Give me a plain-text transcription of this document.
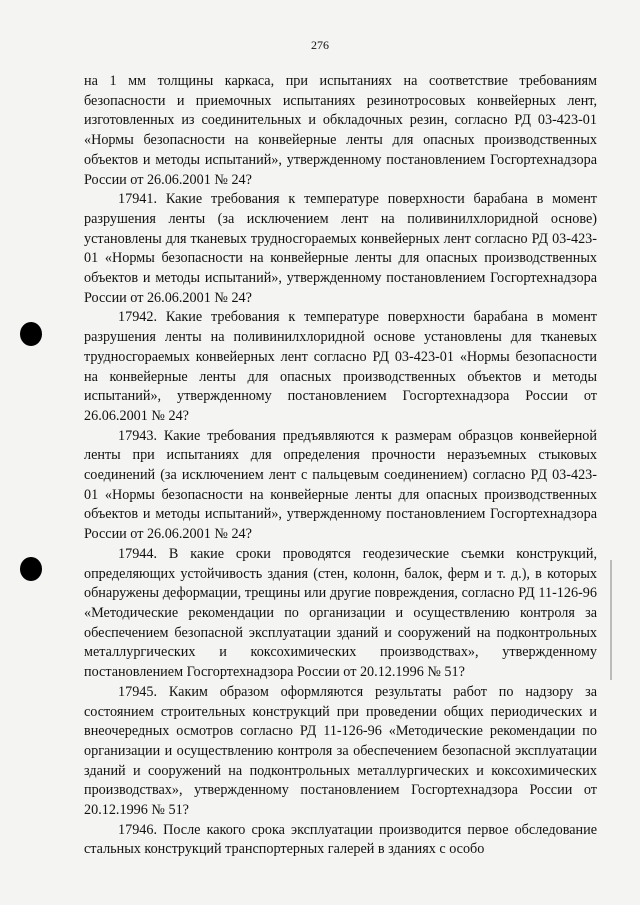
276

на 1 мм толщины каркаса, при испытаниях на соответствие требованиям безопасности и приемочных испытаниях резинотросовых конвейерных лент, изготовленных из соединительных и обкладочных резин, согласно РД 03-423-01 «Нормы безопасности на конвейерные ленты для опасных производственных объектов и методы испытаний», утвержденному постановлением Госгортехнадзора России от 26.06.2001 № 24?

17941. Какие требования к температуре поверхности барабана в момент разрушения ленты (за исключением лент на поливинилхлоридной основе) установлены для тканевых трудносгораемых конвейерных лент согласно РД 03-423-01 «Нормы безопасности на конвейерные ленты для опасных производственных объектов и методы испытаний», утвержденному постановлением Госгортехнадзора России от 26.06.2001 № 24?

17942. Какие требования к температуре поверхности барабана в момент разрушения ленты на поливинилхлоридной основе установлены для тканевых трудносгораемых конвейерных лент согласно РД 03-423-01 «Нормы безопасности на конвейерные ленты для опасных производственных объектов и методы испытаний», утвержденному постановлением Госгортехнадзора России от 26.06.2001 № 24?

17943. Какие требования предъявляются к размерам образцов конвейерной ленты при испытаниях для определения прочности неразъемных стыковых соединений (за исключением лент с пальцевым соединением) согласно РД 03-423-01 «Нормы безопасности на конвейерные ленты для опасных производственных объектов и методы испытаний», утвержденному постановлением Госгортехнадзора России от 26.06.2001 № 24?

17944. В какие сроки проводятся геодезические съемки конструкций, определяющих устойчивость здания (стен, колонн, балок, ферм и т. д.), в которых обнаружены деформации, трещины или другие повреждения, согласно РД 11-126-96 «Методические рекомендации по организации и осуществлению контроля за обеспечением безопасной эксплуатации зданий и сооружений на подконтрольных металлургических и коксохимических производствах», утвержденному постановлением Госгортехнадзора России от 20.12.1996 № 51?

17945. Каким образом оформляются результаты работ по надзору за состоянием строительных конструкций при проведении общих периодических и внеочередных осмотров согласно РД 11-126-96 «Методические рекомендации по организации и осуществлению контроля за обеспечением безопасной эксплуатации зданий и сооружений на подконтрольных металлургических и коксохимических производствах», утвержденному постановлением Госгортехнадзора России от 20.12.1996 № 51?

17946. После какого срока эксплуатации производится первое обследование стальных конструкций транспортерных галерей в зданиях с особо
